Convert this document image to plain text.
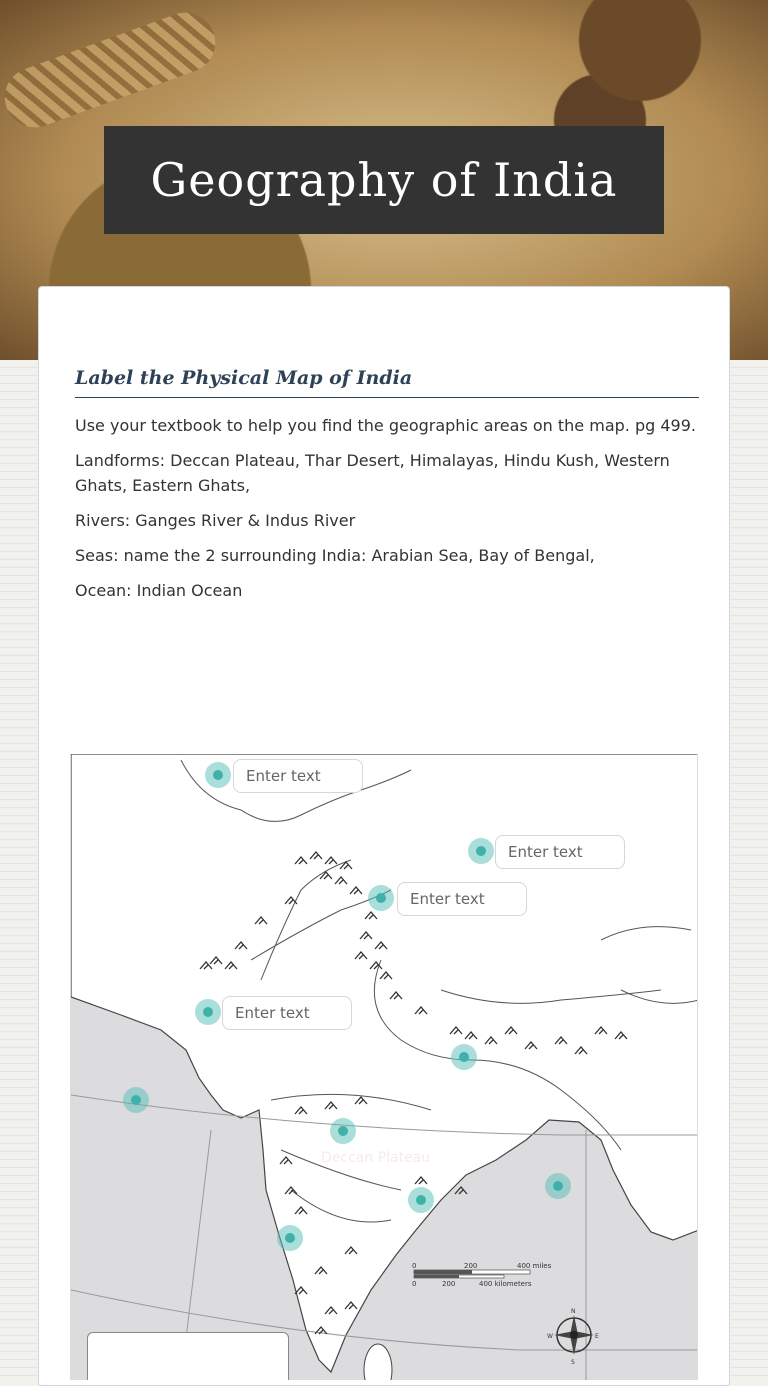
Geography of India
Label the Physical Map of India

Use your textbook to help you find the geographic areas on the map. pg 499.

Landforms: Deccan Plateau, Thar Desert, Himalayas, Hindu Kush, Western Ghats, Eastern Ghats,

Rivers: Ganges River & Indus River

Seas: name the 2 surrounding India: Arabian Sea, Bay of Bengal,

Ocean: Indian Ocean

Deccan Plateau
0	200	400 miles
0	200	400 kilometers
N
S
E
W
Enter text
Enter text
Enter text
Enter text
